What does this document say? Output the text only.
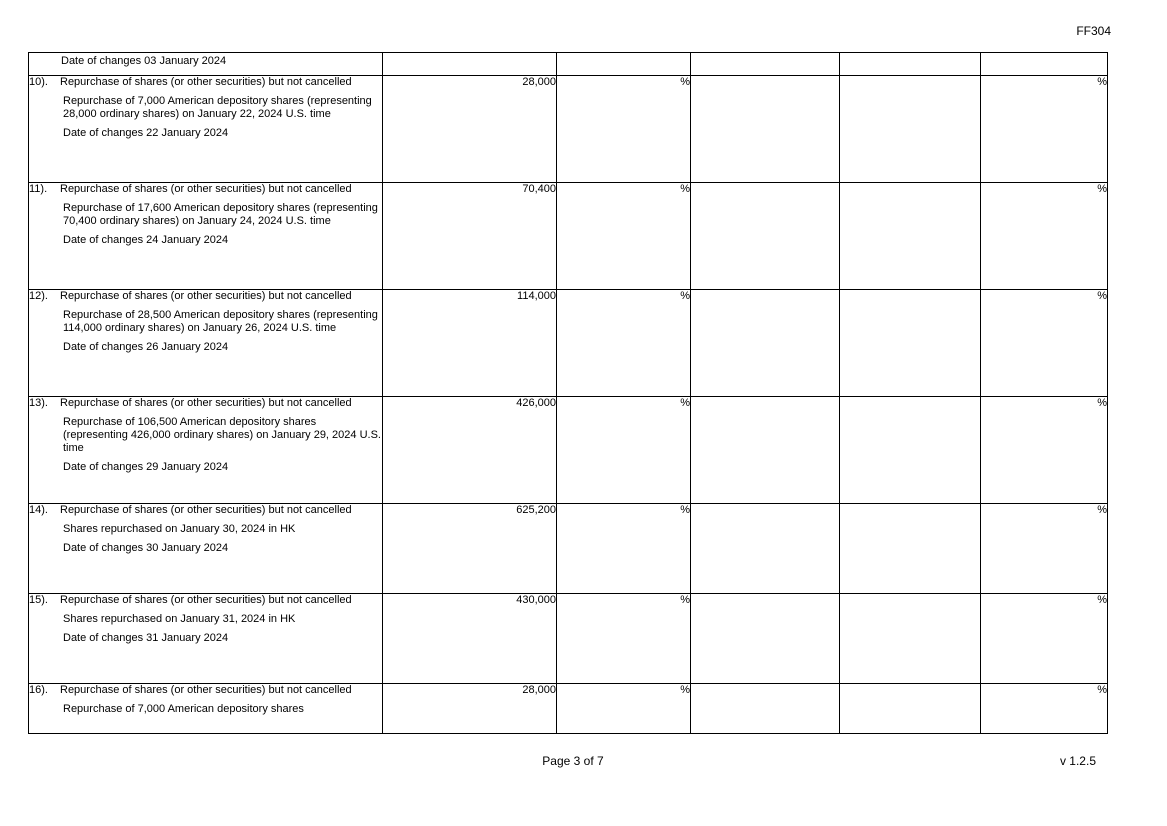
FF304
Date of changes 03 January 2024					

10). Repurchase of shares (or other securities) but not cancelled
Repurchase of 7,000 American depository shares (representing 28,000 ordinary shares) on January 22, 2024 U.S. time
Date of changes 22 January 2024	28,000	%			%

11). Repurchase of shares (or other securities) but not cancelled
Repurchase of 17,600 American depository shares (representing 70,400 ordinary shares) on January 24, 2024 U.S. time
Date of changes 24 January 2024	70,400	%			%

12). Repurchase of shares (or other securities) but not cancelled
Repurchase of 28,500 American depository shares (representing 114,000 ordinary shares) on January 26, 2024 U.S. time
Date of changes 26 January 2024	114,000	%			%

13). Repurchase of shares (or other securities) but not cancelled
Repurchase of 106,500 American depository shares (representing 426,000 ordinary shares) on January 29, 2024 U.S. time
Date of changes 29 January 2024	426,000	%			%

14). Repurchase of shares (or other securities) but not cancelled
Shares repurchased on January 30, 2024 in HK
Date of changes 30 January 2024	625,200	%			%

15). Repurchase of shares (or other securities) but not cancelled
Shares repurchased on January 31, 2024 in HK
Date of changes 31 January 2024	430,000	%			%

16). Repurchase of shares (or other securities) but not cancelled
Repurchase of 7,000 American depository shares	28,000	%			%
Page 3 of 7	v 1.2.5
